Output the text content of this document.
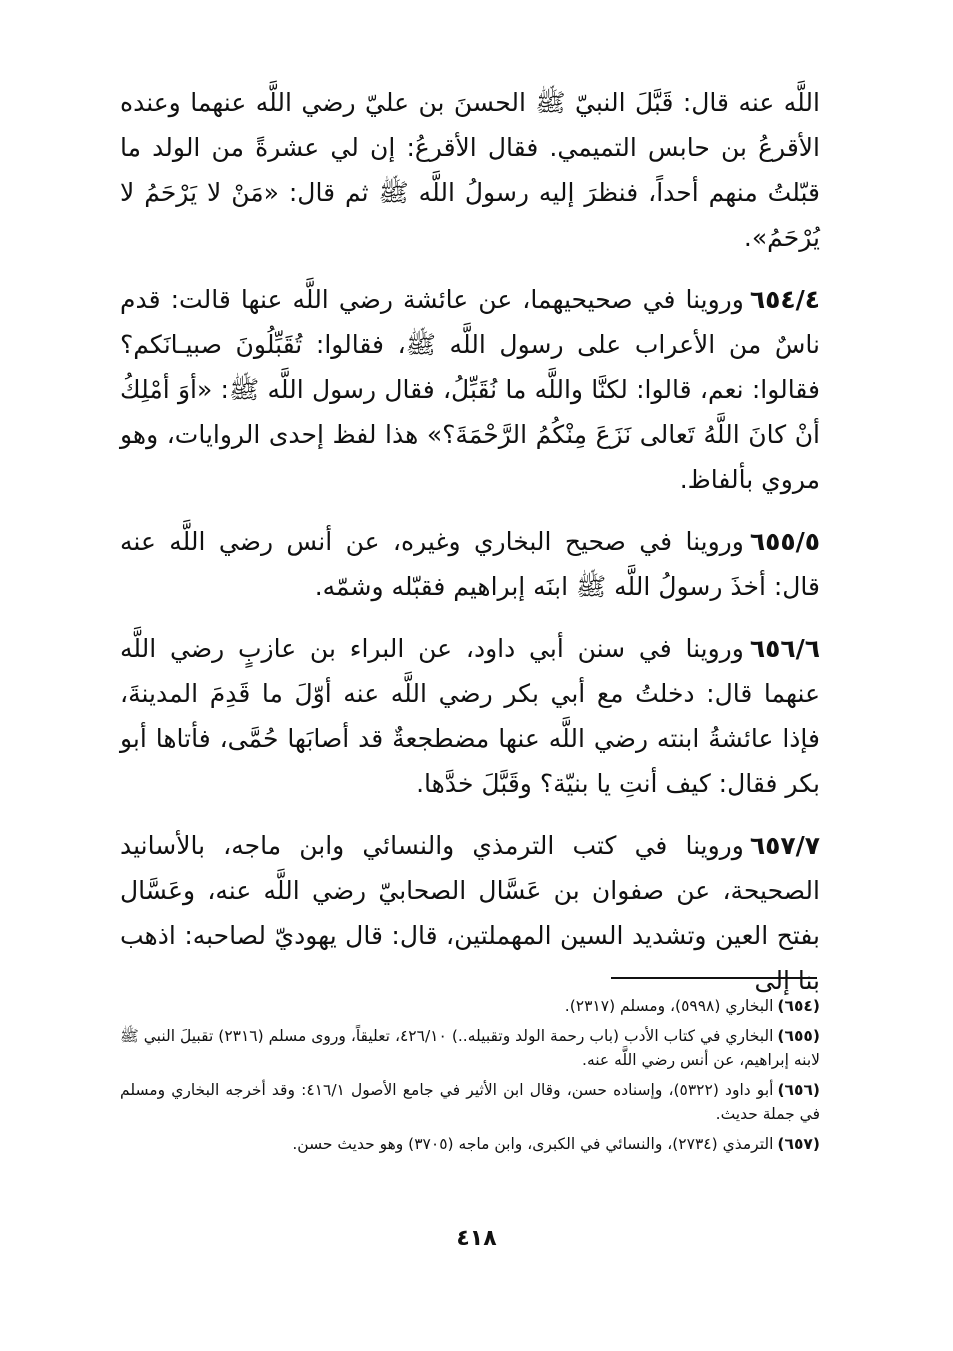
اللَّه عنه قال: قَبَّلَ النبيّ ﷺ الحسنَ بن عليّ رضي اللَّه عنهما وعنده الأقرعُ بن حابس التميمي. فقال الأقرعُ: إن لي عشرةً من الولد ما قبّلتُ منهم أحداً، فنظرَ إليه رسولُ اللَّه ﷺ ثم قال: «مَنْ لا يَرْحَمُ لا يُرْحَمُ».

٦٥٤/٤وروينا في صحيحيهما، عن عائشة رضي اللَّه عنها قالت: قدم ناسٌ من الأعراب على رسول اللَّه ﷺ، فقالوا: تُقَبِّلُونَ صبيـانَكم؟ فقالوا: نعم، قالوا: لكنَّا واللَّه ما نُقَبِّلُ، فقال رسول اللَّه ﷺ: «أوَ أمْلِكُ أنْ كانَ اللَّهُ تَعالى نَزَعَ مِنْكُمُ الرَّحْمَةَ؟» هذا لفظ إحدى الروايات، وهو مروي بألفاظ.

٦٥٥/٥وروينا في صحيح البخاري وغيره، عن أنس رضي اللَّه عنه قال: أخذَ رسولُ اللَّه ﷺ ابنَه إبراهيم فقبّله وشمّه.

٦٥٦/٦وروينا في سنن أبي داود، عن البراء بن عازبٍ رضي اللَّه عنهما قال: دخلتُ مع أبي بكر رضي اللَّه عنه أوّلَ ما قَدِمَ المدينةَ، فإذا عائشةُ ابنته رضي اللَّه عنها مضطجعةٌ قد أصابَها حُمَّى، فأتاها أبو بكر فقال: كيف أنتِ يا بنيّة؟ وقَبَّلَ خدَّها.

٦٥٧/٧وروينا في كتب الترمذي والنسائي وابن ماجه، بالأسانيد الصحيحة، عن صفوان بن عَسَّال الصحابيّ رضي اللَّه عنه، وعَسَّال بفتح العين وتشديد السين المهملتين، قال: قال يهوديّ لصاحبه: اذهب بنا إلى

(٦٥٤)البخاري (٥٩٩٨)، ومسلم (٢٣١٧).

(٦٥٥)البخاري في كتاب الأدب (باب رحمة الولد وتقبيله..) ٤٢٦/١٠، تعليقاً، وروى مسلم (٢٣١٦) تقبيلَ النبي ﷺ لابنه إبراهيم، عن أنس رضي اللَّه عنه.

(٦٥٦)أبو داود (٥٣٢٢)، وإسناده حسن، وقال ابن الأثير في جامع الأصول ٤١٦/١: وقد أخرجه البخاري ومسلم في جملة حديث.

(٦٥٧)الترمذي (٢٧٣٤)، والنسائي في الكبرى، وابن ماجه (٣٧٠٥) وهو حديث حسن.

٤١٨
